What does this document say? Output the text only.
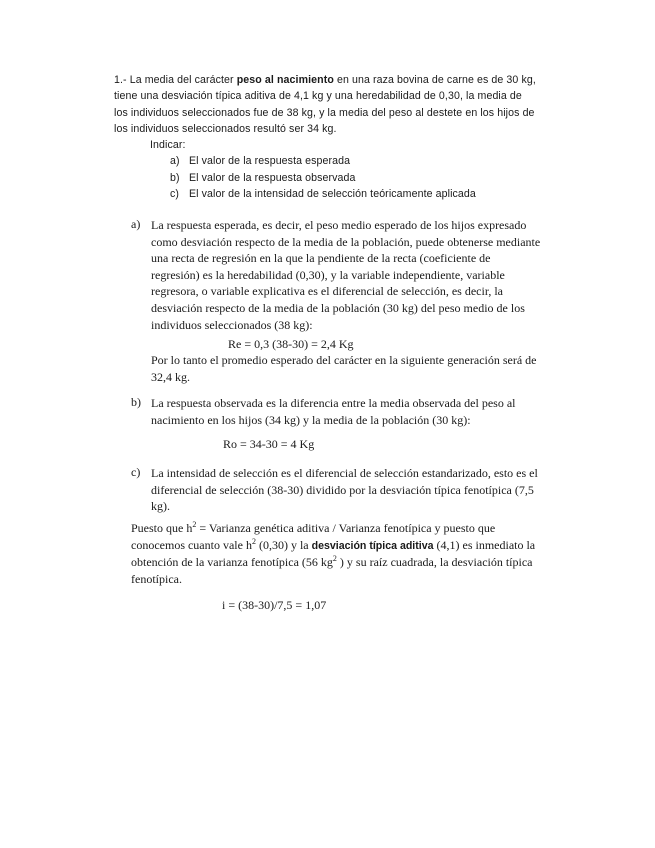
1.- La media del carácter peso al nacimiento en una raza bovina de carne es de 30 kg,

tiene una desviación típica aditiva de 4,1 kg y una heredabilidad de 0,30, la media de

los individuos seleccionados fue de 38 kg, y la media del peso al destete en los hijos de

los individuos seleccionados resultó ser 34 kg.

Indicar:

a) El valor de la respuesta esperada
b) El valor de la respuesta observada
c) El valor de la intensidad de selección teóricamente aplicada
a) La respuesta esperada, es decir, el peso medio esperado de los hijos expresado como desviación respecto de la media de la población, puede obtenerse mediante una recta de regresión en la que la pendiente de la recta (coeficiente de regresión) es la heredabilidad (0,30), y la variable independiente, variable regresora, o variable explicativa es el diferencial de selección, es decir, la desviación respecto de la media de la población (30 kg) del peso medio de los individuos seleccionados (38 kg):

Re = 0,3 (38-30) = 2,4 Kg

Por lo tanto el promedio esperado del carácter en la siguiente generación será de 32,4 kg.

b) La respuesta observada es la diferencia entre la media observada del peso al nacimiento en los hijos (34 kg) y la media de la población (30 kg):

Ro = 34-30 = 4 Kg
c) La intensidad de selección es el diferencial de selección estandarizado, esto es el diferencial de selección (38-30) dividido por la desviación típica fenotípica (7,5 kg).

Puesto que $h^2$ = Varianza genética aditiva / Varianza fenotípica y puesto que conocemos cuanto vale $h^2$ (0,30) y la desviación típica aditiva (4,1) es inmediato la obtención de la varianza fenotípica (56 $kg^2$ ) y su raíz cuadrada, la desviación típica fenotípica.

i = (38-30)/7,5 = 1,07
